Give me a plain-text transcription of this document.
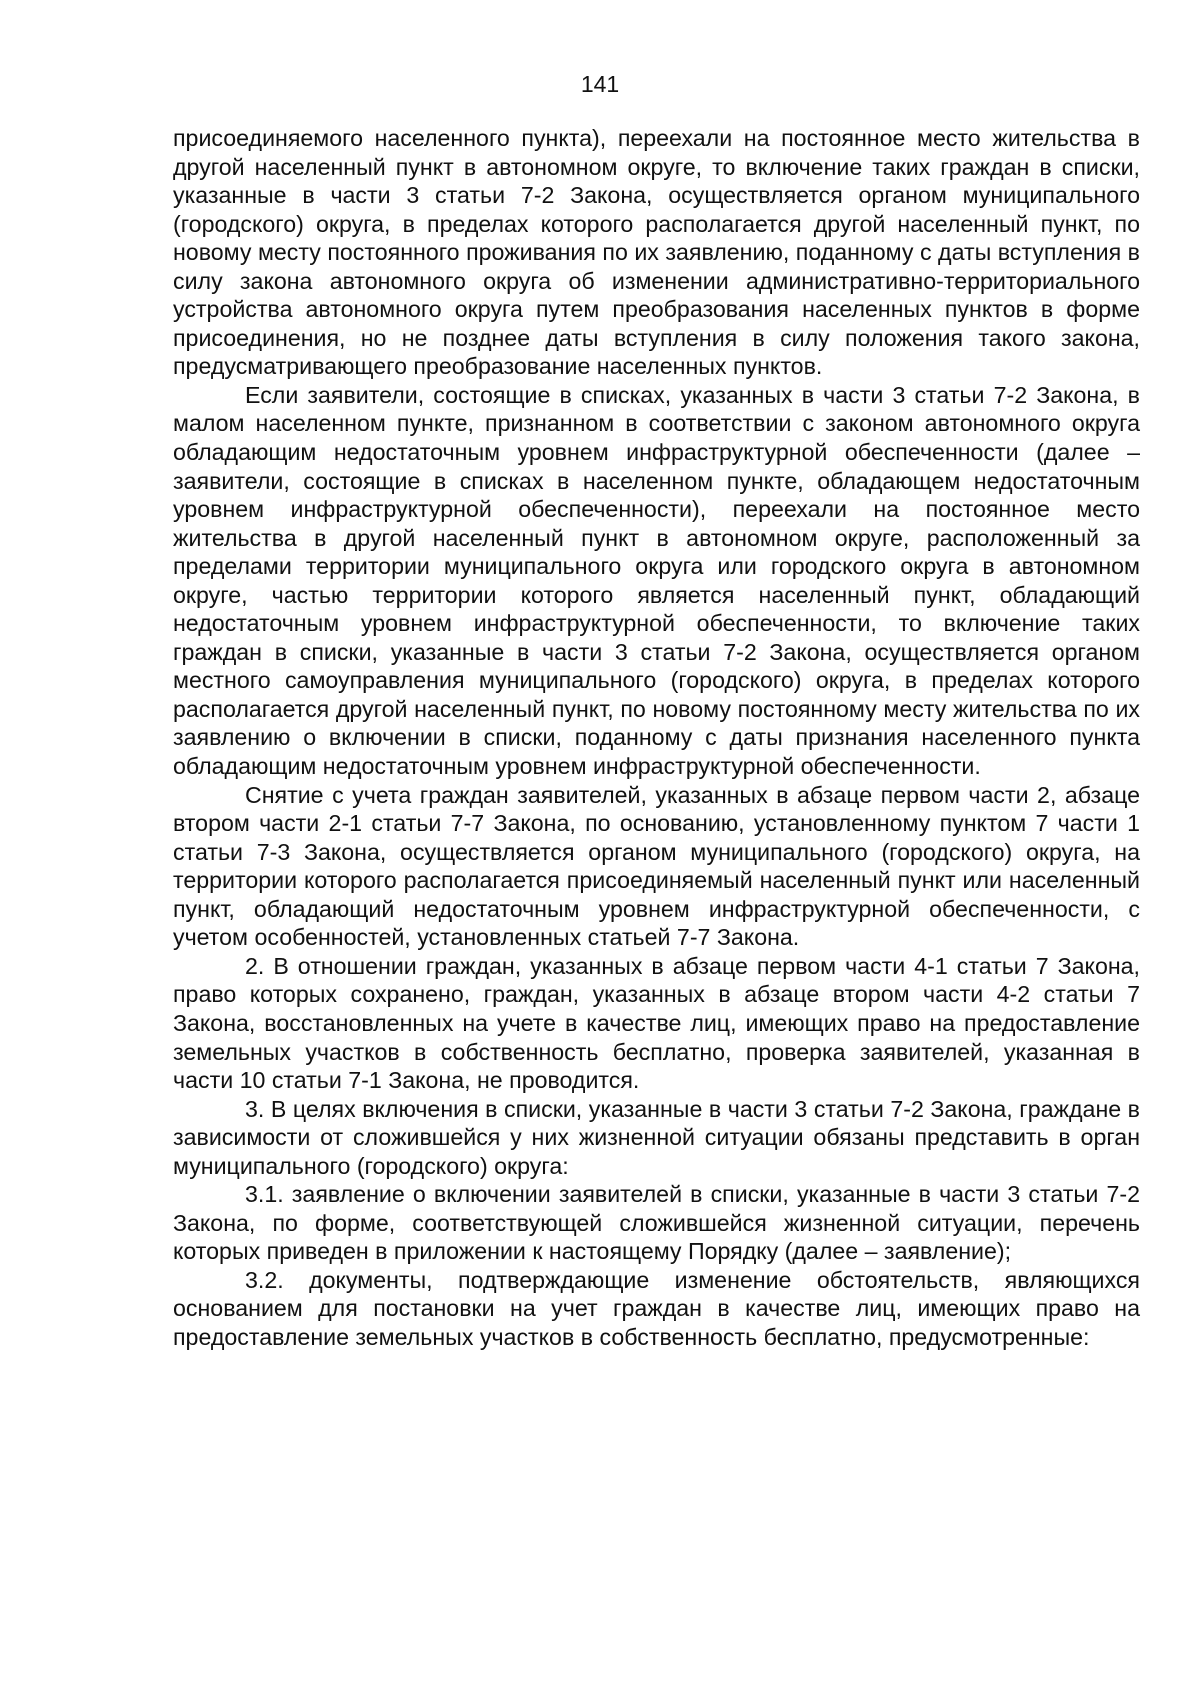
141

присоединяемого населенного пункта), переехали на постоянное место жительства в другой населенный пункт в автономном округе, то включение таких граждан в списки, указанные в части 3 статьи 7-2 Закона, осуществляется органом муниципального (городского) округа, в пределах которого располагается другой населенный пункт, по новому месту постоянного проживания по их заявлению, поданному с даты вступления в силу закона автономного округа об изменении административно-территориального устройства автономного округа путем преобразования населенных пунктов в форме присоединения, но не позднее даты вступления в силу положения такого закона, предусматривающего преобразование населенных пунктов.

Если заявители, состоящие в списках, указанных в части 3 статьи 7-2 Закона, в малом населенном пункте, признанном в соответствии с законом автономного округа обладающим недостаточным уровнем инфраструктурной обеспеченности (далее – заявители, состоящие в списках в населенном пункте, обладающем недостаточным уровнем инфраструктурной обеспеченности), переехали на постоянное место жительства в другой населенный пункт в автономном округе, расположенный за пределами территории муниципального округа или городского округа в автономном округе, частью территории которого является населенный пункт, обладающий недостаточным уровнем инфраструктурной обеспеченности, то включение таких граждан в списки, указанные в части 3 статьи 7-2 Закона, осуществляется органом местного самоуправления муниципального (городского) округа, в пределах которого располагается другой населенный пункт, по новому постоянному месту жительства по их заявлению о включении в списки, поданному с даты признания населенного пункта обладающим недостаточным уровнем инфраструктурной обеспеченности.

Снятие с учета граждан заявителей, указанных в абзаце первом части 2, абзаце втором части 2-1 статьи 7-7 Закона, по основанию, установленному пунктом 7 части 1 статьи 7-3 Закона, осуществляется органом муниципального (городского) округа, на территории которого располагается присоединяемый населенный пункт или населенный пункт, обладающий недостаточным уровнем инфраструктурной обеспеченности, с учетом особенностей, установленных статьей 7-7 Закона.

2. В отношении граждан, указанных в абзаце первом части 4-1 статьи 7 Закона, право которых сохранено, граждан, указанных в абзаце втором части 4-2 статьи 7 Закона, восстановленных на учете в качестве лиц, имеющих право на предоставление земельных участков в собственность бесплатно, проверка заявителей, указанная в части 10 статьи 7-1 Закона, не проводится.

3. В целях включения в списки, указанные в части 3 статьи 7-2 Закона, граждане в зависимости от сложившейся у них жизненной ситуации обязаны представить в орган муниципального (городского) округа:

3.1. заявление о включении заявителей в списки, указанные в части 3 статьи 7-2 Закона, по форме, соответствующей сложившейся жизненной ситуации, перечень которых приведен в приложении к настоящему Порядку (далее – заявление);

3.2. документы, подтверждающие изменение обстоятельств, являющихся основанием для постановки на учет граждан в качестве лиц, имеющих право на предоставление земельных участков в собственность бесплатно, предусмотренные:
